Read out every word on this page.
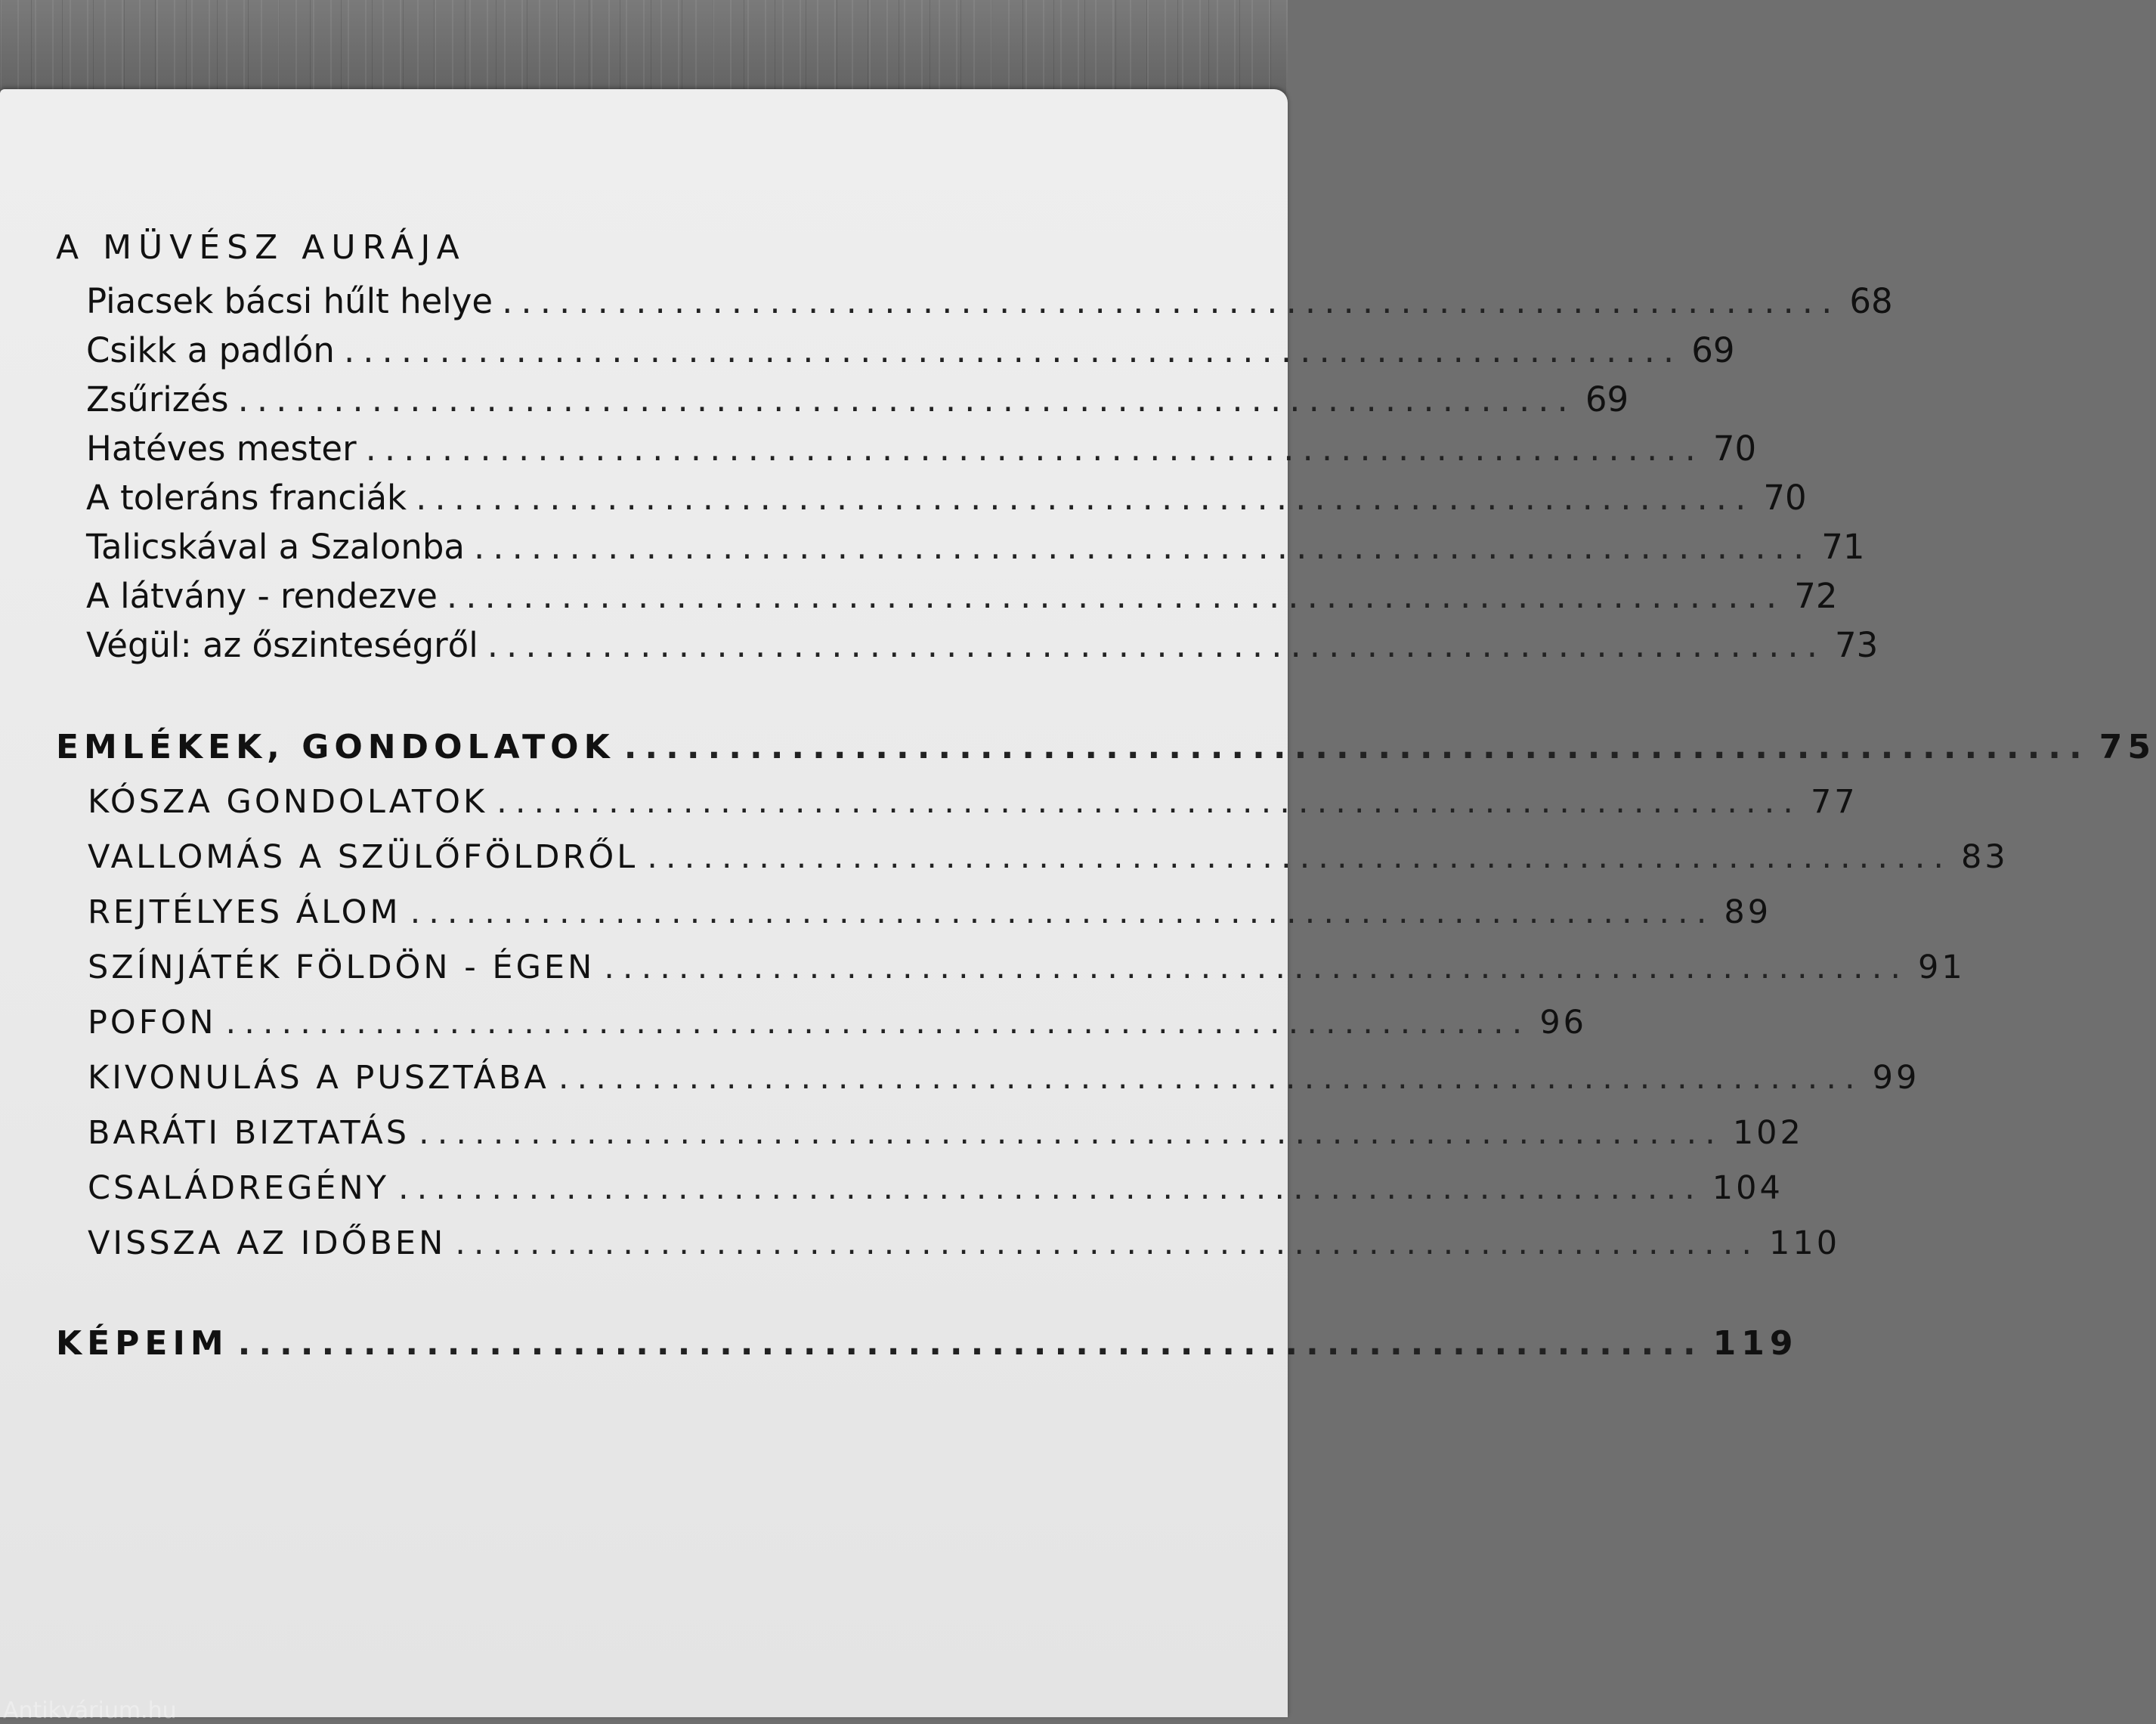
A MÜVÉSZ AURÁJA
Piacsek bácsi hűlt helye ...................................................................... 68
Csikk a padlón ...................................................................... 69
Zsűrizés ...................................................................... 69
Hatéves mester ...................................................................... 70
A toleráns franciák ...................................................................... 70
Talicskával a Szalonba ...................................................................... 71
A látvány - rendezve ...................................................................... 72
Végül: az őszinteségről ...................................................................... 73
EMLÉKEK, GONDOLATOK ...................................................................... 75
KÓSZA GONDOLATOK ...................................................................... 77
VALLOMÁS A SZÜLŐFÖLDRŐL ...................................................................... 83
REJTÉLYES ÁLOM ...................................................................... 89
SZÍNJÁTÉK FÖLDÖN - ÉGEN ...................................................................... 91
POFON ...................................................................... 96
KIVONULÁS A PUSZTÁBA ...................................................................... 99
BARÁTI BIZTATÁS ...................................................................... 102
CSALÁDREGÉNY ...................................................................... 104
VISSZA AZ IDŐBEN ...................................................................... 110
KÉPEIM ...................................................................... 119
Antikvárium.hu
